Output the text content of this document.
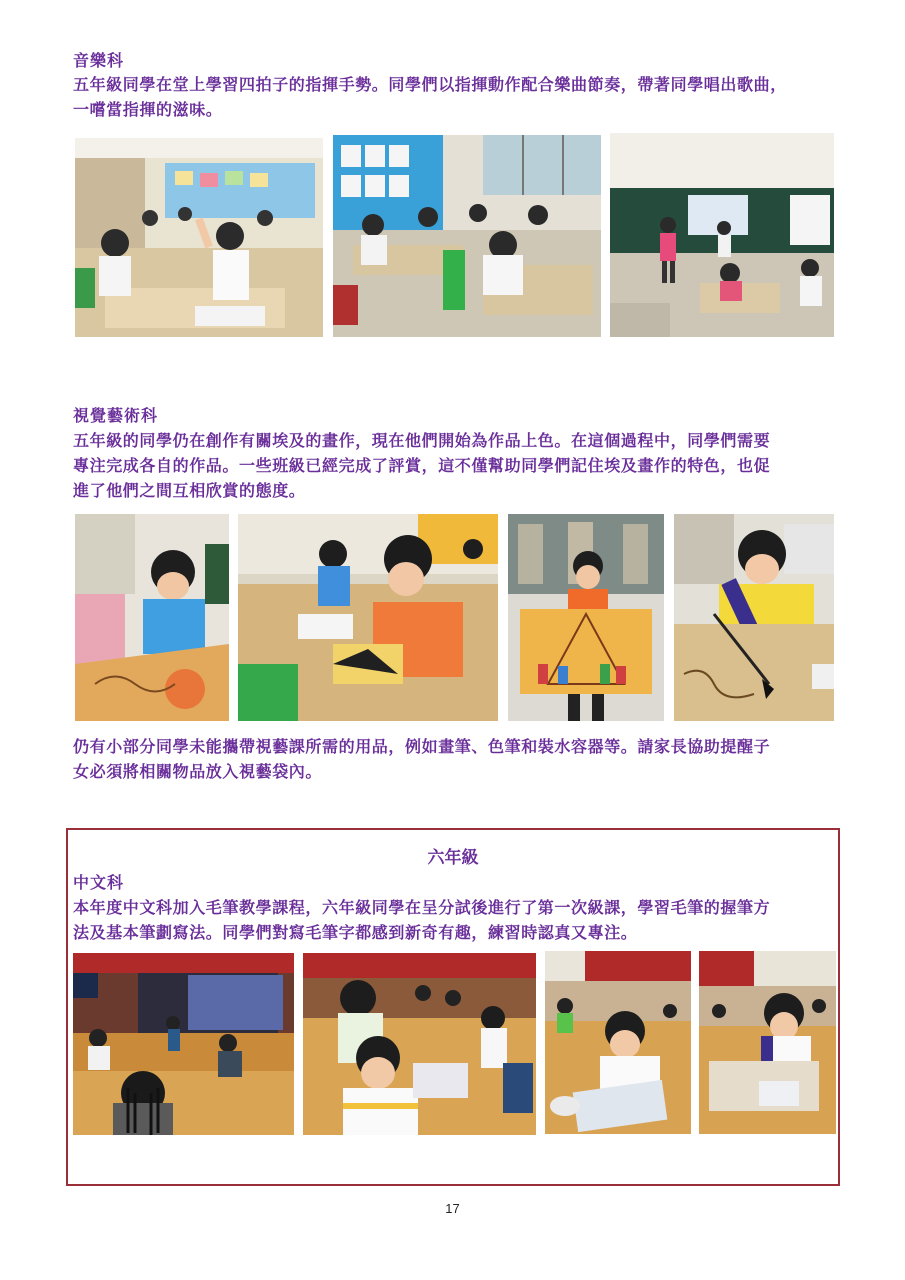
音樂科
五年級同學在堂上學習四拍子的指揮手勢。同學們以指揮動作配合樂曲節奏，帶著同學唱出歌曲，
一嚐當指揮的滋味。
視覺藝術科
五年級的同學仍在創作有關埃及的畫作，現在他們開始為作品上色。在這個過程中，同學們需要
專注完成各自的作品。一些班級已經完成了評賞，這不僅幫助同學們記住埃及畫作的特色，也促
進了他們之間互相欣賞的態度。
仍有小部分同學未能攜帶視藝課所需的用品，例如畫筆、色筆和裝水容器等。請家長協助提醒子
女必須將相關物品放入視藝袋內。
六年級
中文科
本年度中文科加入毛筆教學課程，六年級同學在呈分試後進行了第一次級課，學習毛筆的握筆方
法及基本筆劃寫法。同學們對寫毛筆字都感到新奇有趣，練習時認真又專注。
17
